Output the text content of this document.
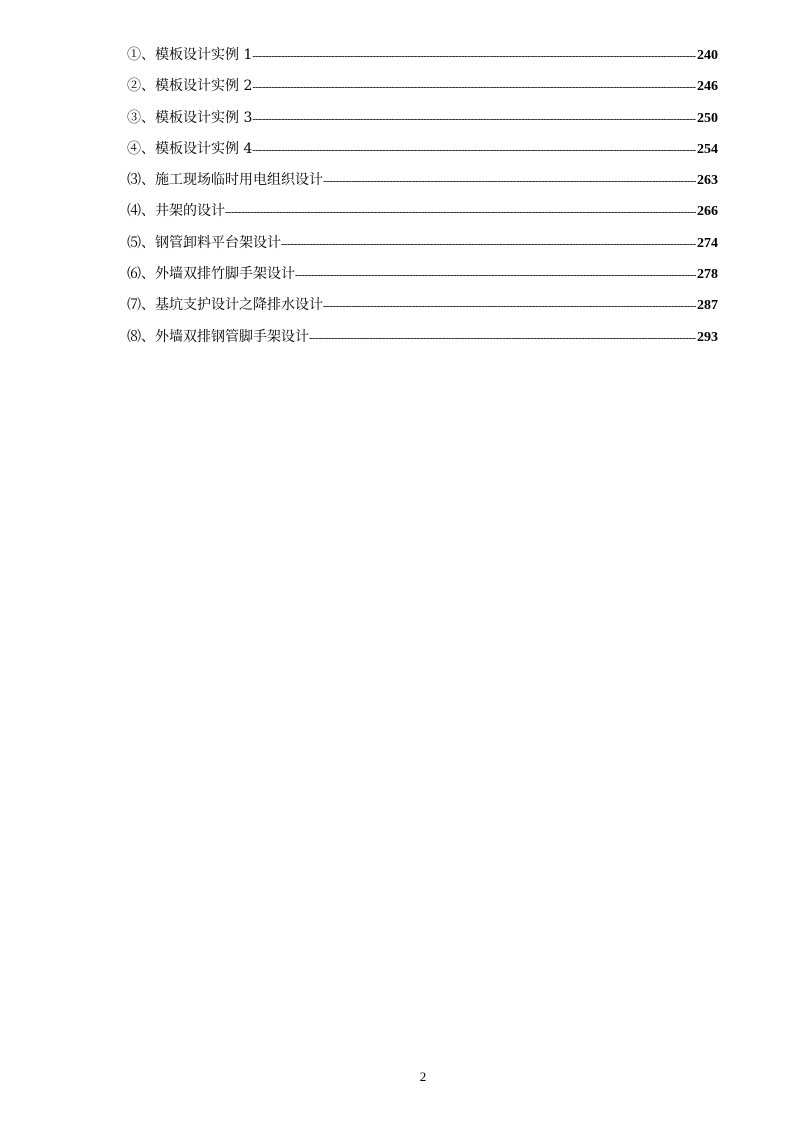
①、模板设计实例 1 -----	240
②、模板设计实例 2 -----	246
③、模板设计实例 3 -----	250
④、模板设计实例 4 -----	254
⑶、施工现场临时用电组织设计 -----	263
⑷、井架的设计 -----	266
⑸、钢管卸料平台架设计 -----	274
⑹、外墙双排竹脚手架设计 -----	278
⑺、基坑支护设计之降排水设计 -----	287
⑻、外墙双排钢管脚手架设计 -----	293
2
